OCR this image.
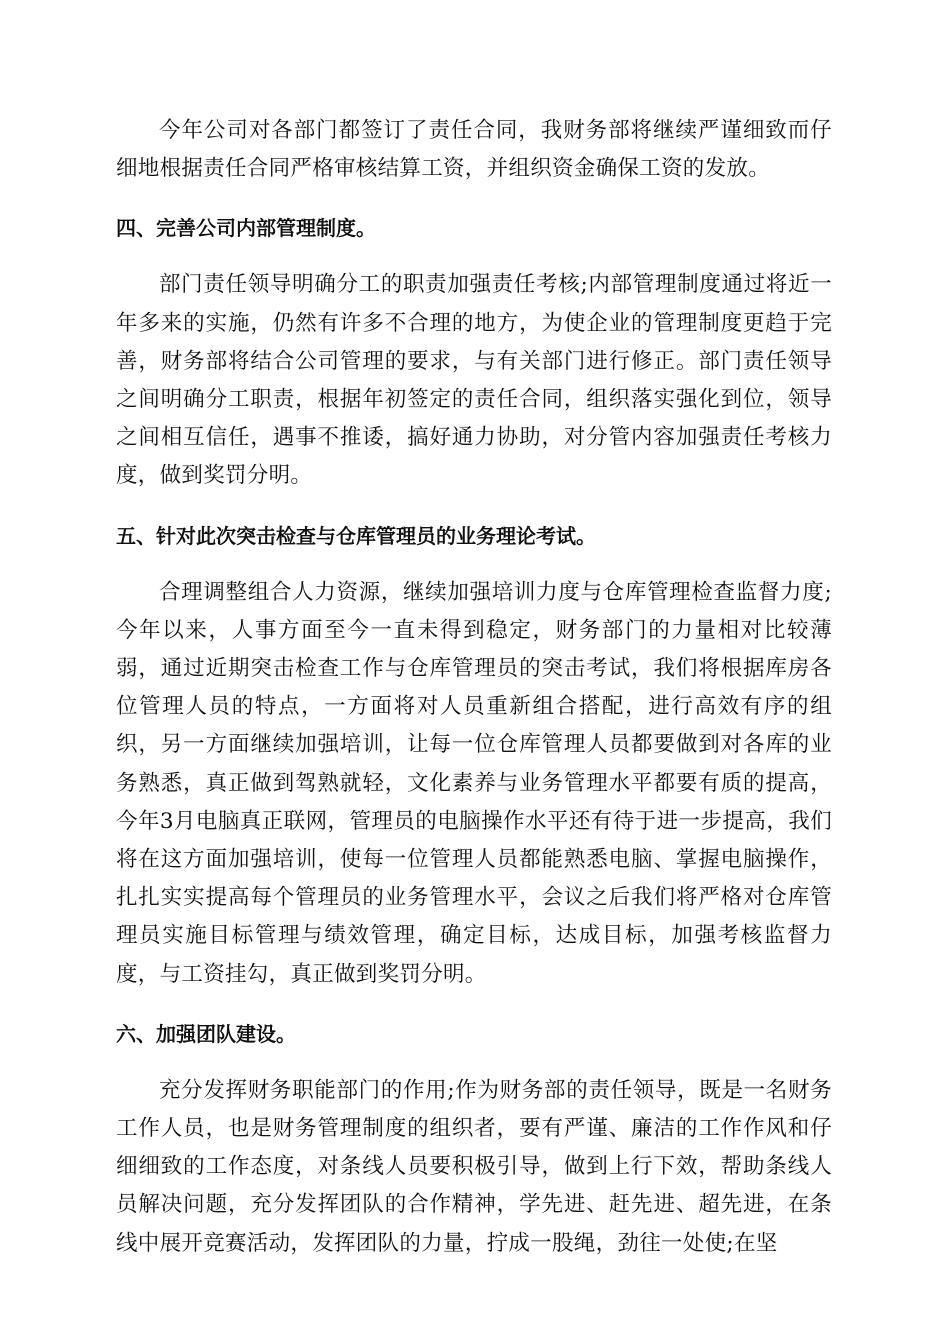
今年公司对各部门都签订了责任合同，我财务部将继续严谨细致而仔细地根据责任合同严格审核结算工资，并组织资金确保工资的发放。

四、完善公司内部管理制度。

部门责任领导明确分工的职责加强责任考核;内部管理制度通过将近一年多来的实施，仍然有许多不合理的地方，为使企业的管理制度更趋于完善，财务部将结合公司管理的要求，与有关部门进行修正。部门责任领导之间明确分工职责，根据年初签定的责任合同，组织落实强化到位，领导之间相互信任，遇事不推诿，搞好通力协助，对分管内容加强责任考核力度，做到奖罚分明。

五、针对此次突击检查与仓库管理员的业务理论考试。

合理调整组合人力资源，继续加强培训力度与仓库管理检查监督力度;今年以来，人事方面至今一直未得到稳定，财务部门的力量相对比较薄弱，通过近期突击检查工作与仓库管理员的突击考试，我们将根据库房各位管理人员的特点，一方面将对人员重新组合搭配，进行高效有序的组织，另一方面继续加强培训，让每一位仓库管理人员都要做到对各库的业务熟悉，真正做到驾熟就轻，文化素养与业务管理水平都要有质的提高，今年3月电脑真正联网，管理员的电脑操作水平还有待于进一步提高，我们将在这方面加强培训，使每一位管理人员都能熟悉电脑、掌握电脑操作，扎扎实实提高每个管理员的业务管理水平，会议之后我们将严格对仓库管理员实施目标管理与绩效管理，确定目标，达成目标，加强考核监督力度，与工资挂勾，真正做到奖罚分明。

六、加强团队建设。

充分发挥财务职能部门的作用;作为财务部的责任领导，既是一名财务工作人员，也是财务管理制度的组织者，要有严谨、廉洁的工作作风和仔细细致的工作态度，对条线人员要积极引导，做到上行下效，帮助条线人员解决问题，充分发挥团队的合作精神，学先进、赶先进、超先进，在条线中展开竞赛活动，发挥团队的力量，拧成一股绳，劲往一处使;在坚
